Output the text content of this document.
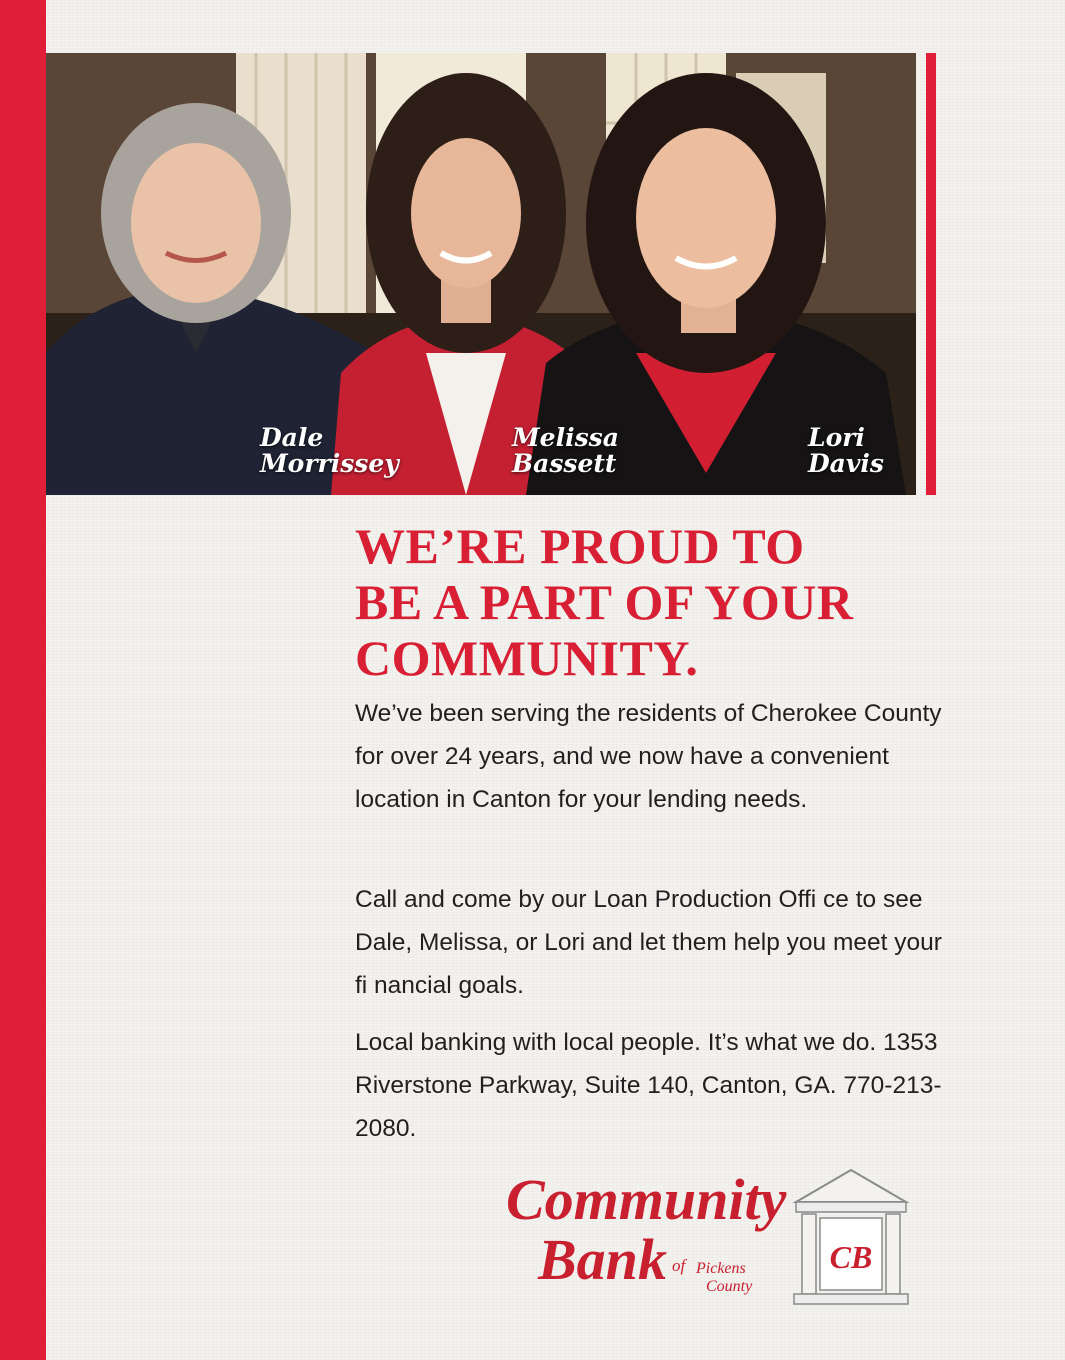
Dale
Morrissey
Melissa
Bassett
Lori
Davis
WE’RE PROUD TO
BE A PART OF YOUR
COMMUNITY.

We’ve been serving the residents of Cherokee County for over 24 years, and we now have a convenient location in Canton for your lending needs.

Call and come by our Loan Production Offi ce to see Dale, Melissa, or Lori and let them help you meet your fi nancial goals.

Local banking with local people. It’s what we do. 1353 Riverstone Parkway, Suite 140, Canton, GA. 770-213-2080.

Community
Bank of Pickens
County
CB
